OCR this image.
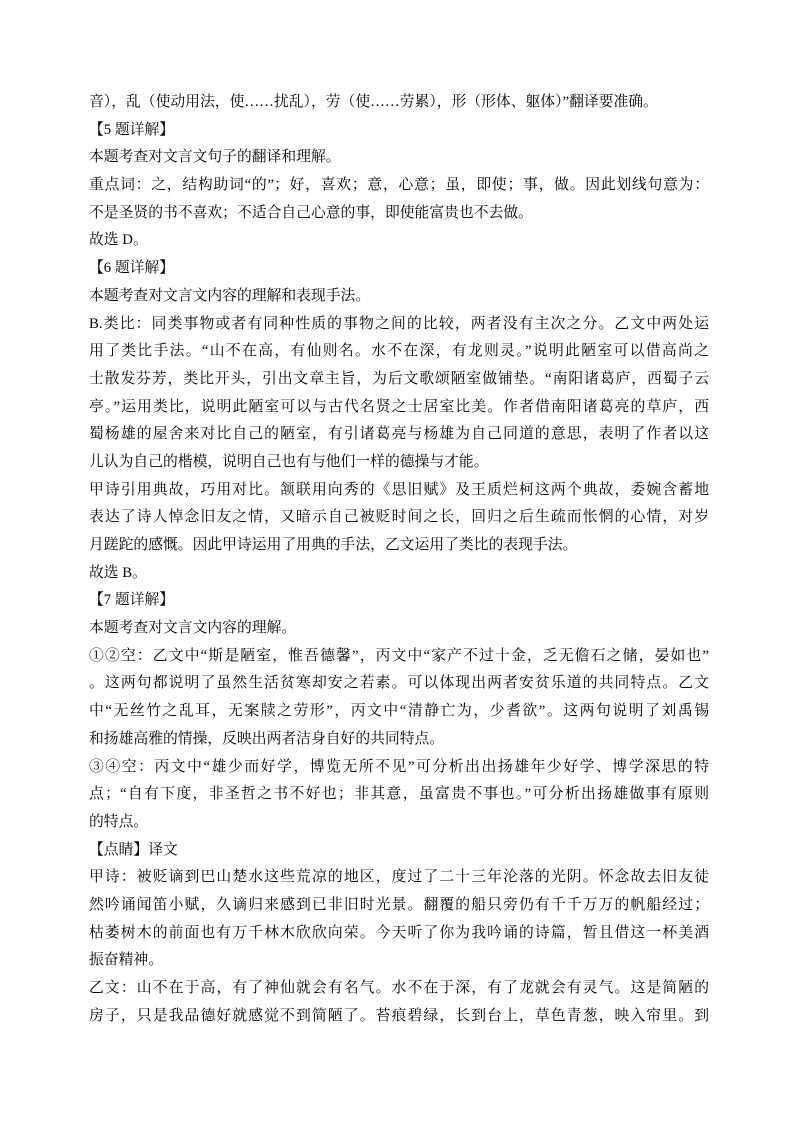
音），乱（使动用法，使……扰乱），劳（使……劳累），形（形体、躯体）”翻译要准确。
【5 题详解】
本题考查对文言文句子的翻译和理解。
重点词：之，结构助词“的”；好，喜欢；意，心意；虽，即使；事，做。因此划线句意为：
不是圣贤的书不喜欢；不适合自己心意的事，即使能富贵也不去做。
故选 D。
【6 题详解】
本题考查对文言文内容的理解和表现手法。
B.类比：同类事物或者有同种性质的事物之间的比较，两者没有主次之分。乙文中两处运
用了类比手法。“山不在高，有仙则名。水不在深，有龙则灵。”说明此陋室可以借高尚之
士散发芬芳，类比开头，引出文章主旨，为后文歌颂陋室做铺垫。“南阳诸葛庐，西蜀子云
亭。”运用类比，说明此陋室可以与古代名贤之士居室比美。作者借南阳诸葛亮的草庐，西
蜀杨雄的屋舍来对比自己的陋室，有引诸葛亮与杨雄为自己同道的意思，表明了作者以这
儿认为自己的楷模，说明自己也有与他们一样的德操与才能。
甲诗引用典故，巧用对比。颔联用向秀的《思旧赋》及王质烂柯这两个典故，委婉含蓄地
表达了诗人悼念旧友之情，又暗示自己被贬时间之长，回归之后生疏而怅惘的心情，对岁
月蹉跎的感慨。因此甲诗运用了用典的手法，乙文运用了类比的表现手法。
故选 B。
【7 题详解】
本题考查对文言文内容的理解。
①②空：乙文中“斯是陋室，惟吾德馨”，丙文中“家产不过十金，乏无儋石之储，晏如也”
。这两句都说明了虽然生活贫寒却安之若素。可以体现出两者安贫乐道的共同特点。乙文
中“无丝竹之乱耳，无案牍之劳形”，丙文中“清静亡为，少耆欲”。这两句说明了刘禹锡
和扬雄高雅的情操，反映出两者洁身自好的共同特点。
③④空：丙文中“雄少而好学，博览无所不见”可分析出出扬雄年少好学、博学深思的特
点；“自有下度，非圣哲之书不好也；非其意，虽富贵不事也。”可分析出扬雄做事有原则
的特点。
【点睛】译文
甲诗：被贬谪到巴山楚水这些荒凉的地区，度过了二十三年沦落的光阴。怀念故去旧友徒
然吟诵闻笛小赋，久谪归来感到已非旧时光景。翻覆的船只旁仍有千千万万的帆船经过；
枯萎树木的前面也有万千林木欣欣向荣。今天听了你为我吟诵的诗篇，暂且借这一杯美酒
振奋精神。
乙文：山不在于高，有了神仙就会有名气。水不在于深，有了龙就会有灵气。这是简陋的
房子，只是我品德好就感觉不到简陋了。苔痕碧绿，长到台上，草色青葱，映入帘里。到
